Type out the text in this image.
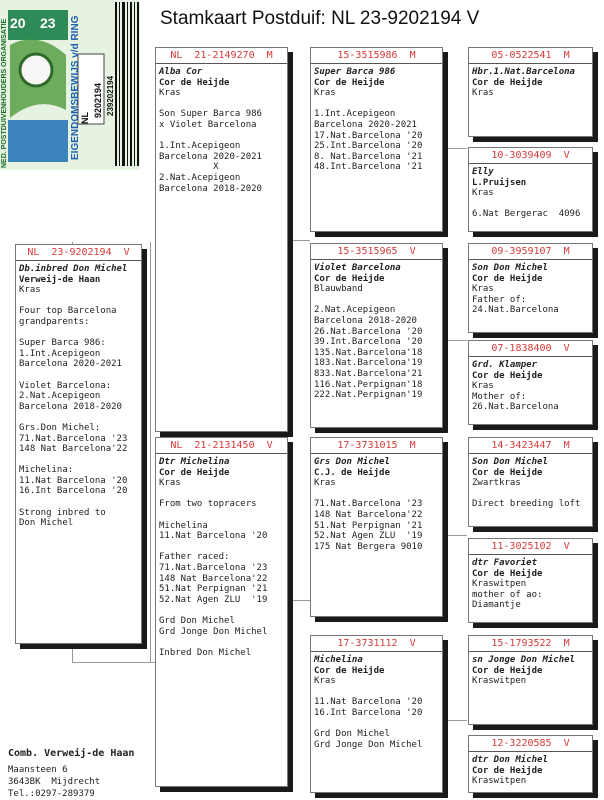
Stamkaart Postduif: NL 23-9202194 V
NED. POSTDUIVENHOUDERS ORGANISATIE	EIGENDOMSBEWIJS v/d RING
20 23
NL 9202194 239202194
NL  23-9202194  V
Db.inbred Don Michel
Verweij-de Haan
Kras
Four top Barcelona
grandparents:
Super Barca 986:
1.Int.Acepigeon
Barcelona 2020-2021
Violet Barcelona:
2.Nat.Acepigeon
Barcelona 2018-2020
Grs.Don Michel:
71.Nat.Barcelona '23
148 Nat Barcelona'22
Michelina:
11.Nat Barcelona '20
16.Int Barcelona '20
Strong inbred to
Don Michel
NL  21-2149270  M
Alba Cor
Cor de Heijde
Kras
Son Super Barca 986
x Violet Barcelona
1.Int.Acepigeon
Barcelona 2020-2021
X
2.Nat.Acepigeon
Barcelona 2018-2020
NL  21-2131450  V
Dtr Michelina
Cor de Heijde
Kras
From two topracers
Michelina
11.Nat Barcelona '20
Father raced:
71.Nat.Barcelona '23
148 Nat Barcelona'22
51.Nat Perpignan '21
52.Nat Agen ZLU  '19
Grd Don Michel
Grd Jonge Don Michel
Inbred Don Michel
15-3515986  M
Super Barca 986
Cor de Heijde
Kras
1.Int.Acepigeon
Barcelona 2020-2021
17.Nat.Barcelona '20
25.Int.Barcelona '20
8. Nat.Barcelona '21
48.Int.Barcelona '21
15-3515965  V
Violet Barcelona
Cor de Heijde
Blauwband
2.Nat.Acepigeon
Barcelona 2018-2020
26.Nat.Barcelona '20
39.Int.Barcelona '20
135.Nat.Barcelona'18
183.Nat.Barcelona'19
833.Nat.Barcelona'21
116.Nat.Perpignan'18
222.Nat.Perpignan'19
17-3731015  M
Grs Don Michel
C.J. de Heijde
Kras
71.Nat.Barcelona '23
148 Nat Barcelona'22
51.Nat Perpignan '21
52.Nat Agen ZLU  '19
175 Nat Bergera 9010
17-3731112  V
Michelina
Cor de Heijde
Kras
11.Nat Barcelona '20
16.Int Barcelona '20
Grd Don Michel
Grd Jonge Don Michel
05-0522541  M
Hbr.1.Nat.Barcelona
Cor de Heijde
Kras
10-3039409  V
Elly
L.Pruijsen
Kras
6.Nat Bergerac  4096
09-3959107  M
Son Don Michel
Cor de Heijde
Kras
Father of:
24.Nat.Barcelona
07-1838400  V
Grd. Klamper
Cor de Heijde
Kras
Mother of:
26.Nat.Barcelona
14-3423447  M
Son Don Michel
Cor de Heijde
Zwartkras
Direct breeding loft
11-3025102  V
dtr Favoriet
Cor de Heijde
Kraswitpen
mother of ao:
Diamantje
15-1793522  M
sn Jonge Don Michel
Cor de Heijde
Kraswitpen
12-3220585  V
dtr Don Michel
Cor de Heijde
Kraswitpen
Comb. Verweij-de Haan
Maansteen 6
3643BK  Mijdrecht
Tel.:0297-289379
